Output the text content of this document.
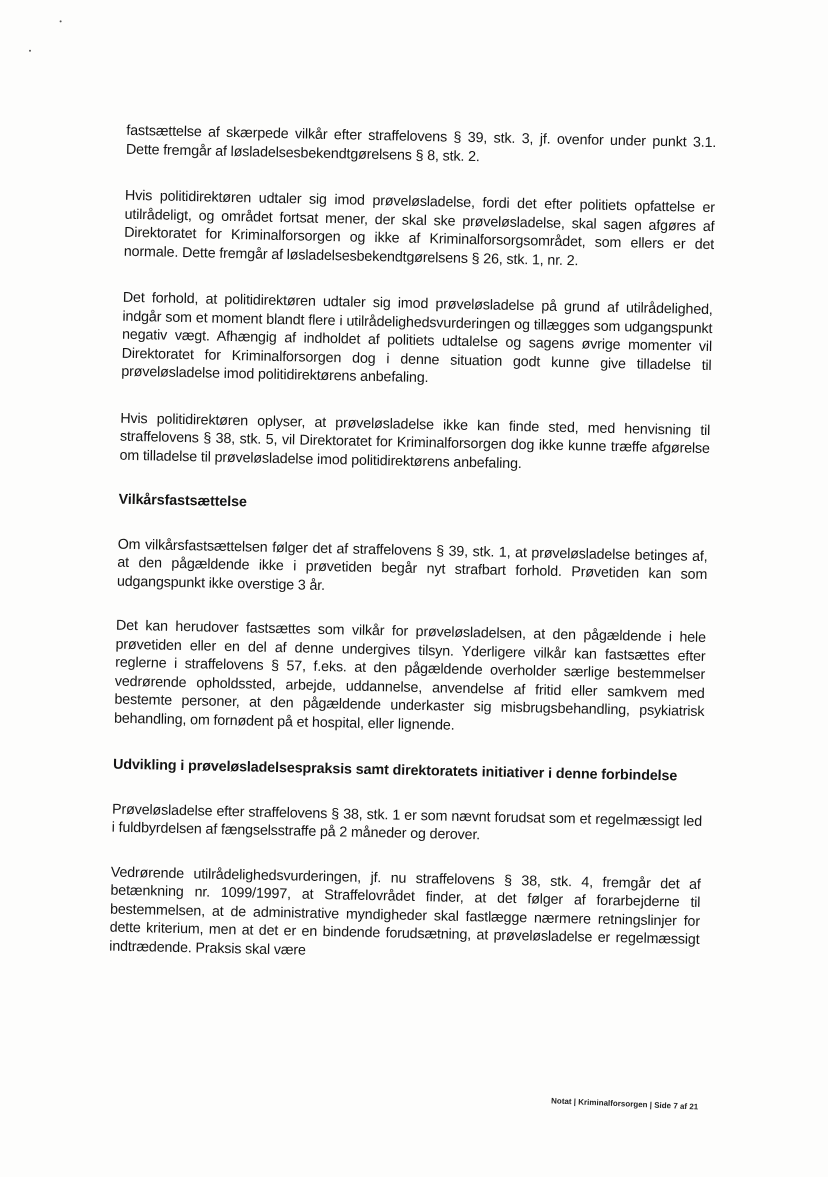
fastsættelse af skærpede vilkår efter straffelovens § 39, stk. 3, jf. ovenfor under punkt 3.1. Dette fremgår af løsladelsesbekendtgørelsens § 8, stk. 2.

Hvis politidirektøren udtaler sig imod prøveløsladelse, fordi det efter politiets opfattelse er utilrådeligt, og området fortsat mener, der skal ske prøveløsladelse, skal sagen afgøres af Direktoratet for Kriminalforsorgen og ikke af Kriminalforsorgsområdet, som ellers er det normale. Dette fremgår af løsladelsesbekendtgørelsens § 26, stk. 1, nr. 2.

Det forhold, at politidirektøren udtaler sig imod prøveløsladelse på grund af utilrådelighed, indgår som et moment blandt flere i utilrådelighedsvurderingen og tillægges som udgangspunkt negativ vægt. Afhængig af indholdet af politiets udtalelse og sagens øvrige momenter vil Direktoratet for Kriminalforsorgen dog i denne situation godt kunne give tilladelse til prøveløsladelse imod politidirektørens anbefaling.

Hvis politidirektøren oplyser, at prøveløsladelse ikke kan finde sted, med henvisning til straffelovens § 38, stk. 5, vil Direktoratet for Kriminalforsorgen dog ikke kunne træffe afgørelse om tilladelse til prøveløsladelse imod politidirektørens anbefaling.

Vilkårsfastsættelse

Om vilkårsfastsættelsen følger det af straffelovens § 39, stk. 1, at prøveløsladelse betinges af, at den pågældende ikke i prøvetiden begår nyt strafbart forhold. Prøvetiden kan som udgangspunkt ikke overstige 3 år.

Det kan herudover fastsættes som vilkår for prøveløsladelsen, at den pågældende i hele prøvetiden eller en del af denne undergives tilsyn. Yderligere vilkår kan fastsættes efter reglerne i straffelovens § 57, f.eks. at den pågældende overholder særlige bestemmelser vedrørende opholdssted, arbejde, uddannelse, anvendelse af fritid eller samkvem med bestemte personer, at den pågældende underkaster sig misbrugsbehandling, psykiatrisk behandling, om fornødent på et hospital, eller lignende.

Udvikling i prøveløsladelsespraksis samt direktoratets initiativer i denne forbindelse

Prøveløsladelse efter straffelovens § 38, stk. 1 er som nævnt forudsat som et regelmæssigt led i fuldbyrdelsen af fængselsstraffe på 2 måneder og derover.

Vedrørende utilrådelighedsvurderingen, jf. nu straffelovens § 38, stk. 4, fremgår det af betænkning nr. 1099/1997, at Straffelovrådet finder, at det følger af forarbejderne til bestemmelsen, at de administrative myndigheder skal fastlægge nærmere retningslinjer for dette kriterium, men at det er en bindende forudsætning, at prøveløsladelse er regelmæssigt indtrædende. Praksis skal være

Notat | Kriminalforsorgen | Side 7 af 21
